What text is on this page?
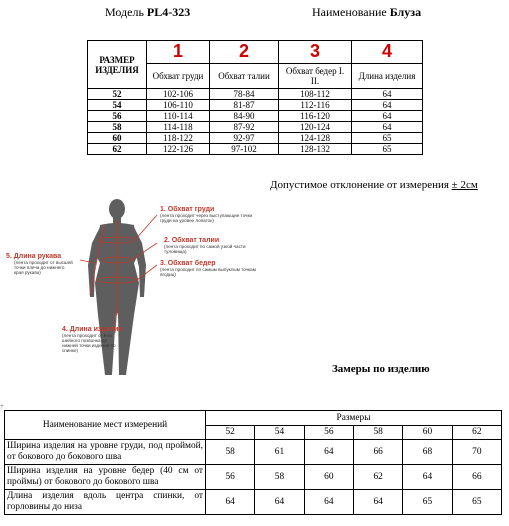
Модель PL4-323	Наименование Блуза
РАЗМЕР ИЗДЕЛИЯ	1	2	3	4
	Обхват груди	Обхват талии	Обхват бедер I. II.	Длина изделия
52	102-106	78-84	108-112	64
54	106-110	81-87	112-116	64
56	110-114	84-90	116-120	64
58	114-118	87-92	120-124	64
60	118-122	92-97	124-128	65
62	122-126	97-102	128-132	65
Допустимое отклонение от измерения ± 2см
1. Обхват груди
(лента проходит через выступающие точки груди на уровне лопаток)
2. Обхват талии
(лента проходит по самой узкой части туловища)
3. Обхват бедер
(лента проходит по самым выпуклым точкам ягодиц)
4. Длина изделия
(лента проходит от 6-го шейного позвонка до нижней точки изделия по спинке)
5. Длина рукава
(лента проходит от высшей точки плеча до нижнего края рукава)
Замеры по изделию
+
Наименование мест измерений	Размеры					
	52	54	56	58	60	62
Ширина изделия на уровне груди, под проймой, от бокового до бокового шва	58	61	64	66	68	70
Ширина изделия на уровне бедер (40 см от проймы) от бокового до бокового шва	56	58	60	62	64	66
Длина изделия вдоль центра спинки, от горловины до низа	64	64	64	64	65	65
